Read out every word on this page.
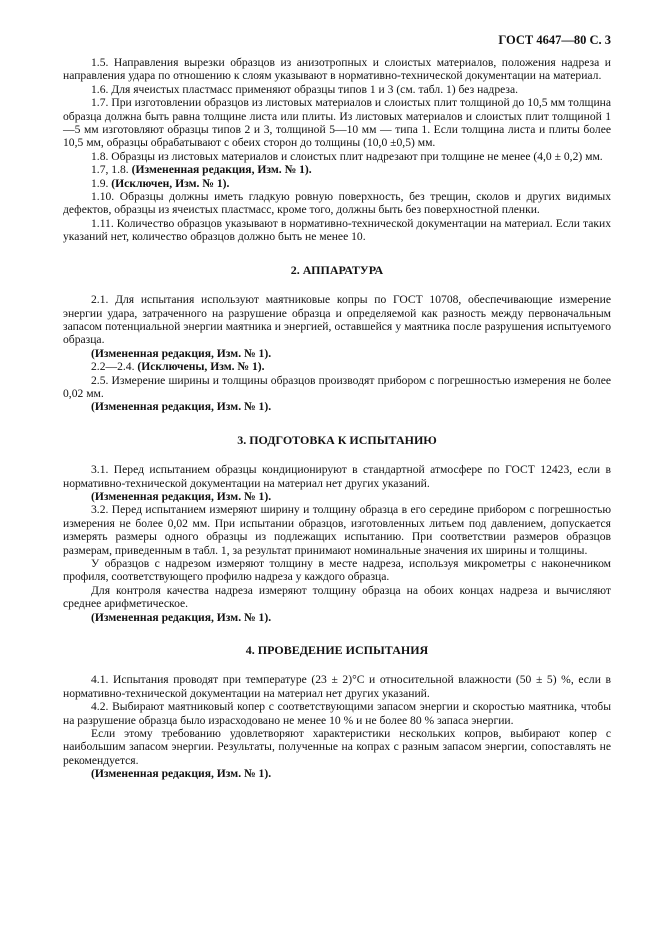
ГОСТ 4647—80 С. 3

1.5. Направления вырезки образцов из анизотропных и слоистых материалов, положения надреза и направления удара по отношению к слоям указывают в нормативно-технической документации на материал.

1.6. Для ячеистых пластмасс применяют образцы типов 1 и 3 (см. табл. 1) без надреза.

1.7. При изготовлении образцов из листовых материалов и слоистых плит толщиной до 10,5 мм толщина образца должна быть равна толщине листа или плиты. Из листовых материалов и слоистых плит толщиной 1—5 мм изготовляют образцы типов 2 и 3, толщиной 5—10 мм — типа 1. Если толщина листа и плиты более 10,5 мм, образцы обрабатывают с обеих сторон до толщины (10,0 ±0,5) мм.

1.8. Образцы из листовых материалов и слоистых плит надрезают при толщине не менее (4,0 ± 0,2) мм.

1.7, 1.8. (Измененная редакция, Изм. № 1).

1.9. (Исключен, Изм. № 1).

1.10. Образцы должны иметь гладкую ровную поверхность, без трещин, сколов и других видимых дефектов, образцы из ячеистых пластмасс, кроме того, должны быть без поверхностной пленки.

1.11. Количество образцов указывают в нормативно-технической документации на материал. Если таких указаний нет, количество образцов должно быть не менее 10.

2. АППАРАТУРА

2.1. Для испытания используют маятниковые копры по ГОСТ 10708, обеспечивающие измерение энергии удара, затраченного на разрушение образца и определяемой как разность между первоначальным запасом потенциальной энергии маятника и энергией, оставшейся у маятника после разрушения испытуемого образца.

(Измененная редакция, Изм. № 1).

2.2—2.4. (Исключены, Изм. № 1).

2.5. Измерение ширины и толщины образцов производят прибором с погрешностью измерения не более 0,02 мм.

(Измененная редакция, Изм. № 1).

3. ПОДГОТОВКА К ИСПЫТАНИЮ

3.1. Перед испытанием образцы кондиционируют в стандартной атмосфере по ГОСТ 12423, если в нормативно-технической документации на материал нет других указаний.

(Измененная редакция, Изм. № 1).

3.2. Перед испытанием измеряют ширину и толщину образца в его середине прибором с погрешностью измерения не более 0,02 мм. При испытании образцов, изготовленных литьем под давлением, допускается измерять размеры одного образцы из подлежащих испытанию. При соответствии размеров образцов размерам, приведенным в табл. 1, за результат принимают номинальные значения их ширины и толщины.

У образцов с надрезом измеряют толщину в месте надреза, используя микрометры с наконечником профиля, соответствующего профилю надреза у каждого образца.

Для контроля качества надреза измеряют толщину образца на обоих концах надреза и вычисляют среднее арифметическое.

(Измененная редакция, Изм. № 1).

4. ПРОВЕДЕНИЕ ИСПЫТАНИЯ

4.1. Испытания проводят при температуре (23 ± 2)°С и относительной влажности (50 ± 5) %, если в нормативно-технической документации на материал нет других указаний.

4.2. Выбирают маятниковый копер с соответствующими запасом энергии и скоростью маятника, чтобы на разрушение образца было израсходовано не менее 10 % и не более 80 % запаса энергии.

Если этому требованию удовлетворяют характеристики нескольких копров, выбирают копер с наибольшим запасом энергии. Результаты, полученные на копрах с разным запасом энергии, сопоставлять не рекомендуется.

(Измененная редакция, Изм. № 1).
